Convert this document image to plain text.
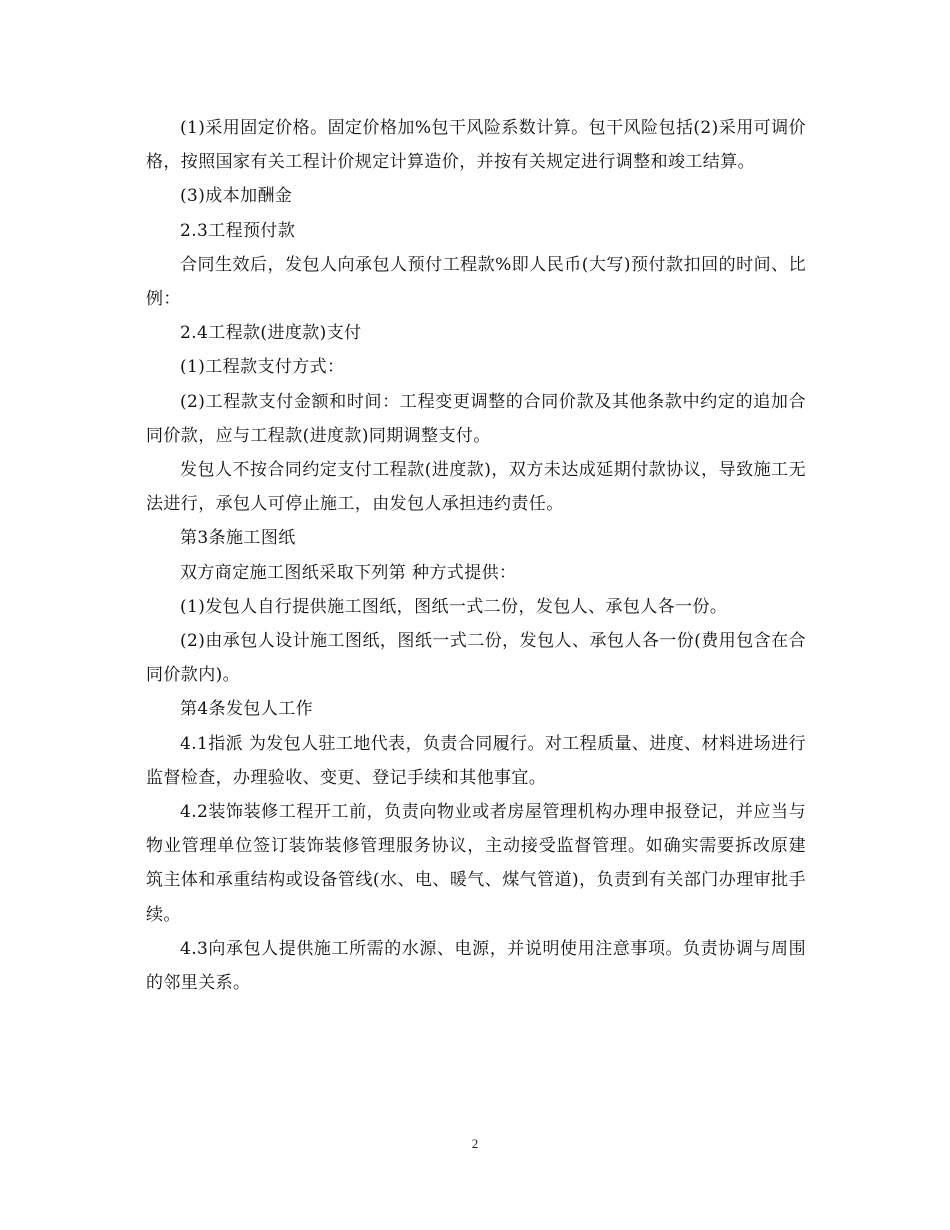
(1)采用固定价格。固定价格加%包干风险系数计算。包干风险包括(2)采用可调价格，按照国家有关工程计价规定计算造价，并按有关规定进行调整和竣工结算。

(3)成本加酬金

2.3工程预付款

合同生效后，发包人向承包人预付工程款%即人民币(大写)预付款扣回的时间、比例：

2.4工程款(进度款)支付

(1)工程款支付方式：

(2)工程款支付金额和时间：工程变更调整的合同价款及其他条款中约定的追加合同价款，应与工程款(进度款)同期调整支付。

发包人不按合同约定支付工程款(进度款)，双方未达成延期付款协议，导致施工无法进行，承包人可停止施工，由发包人承担违约责任。

第3条施工图纸

双方商定施工图纸采取下列第 种方式提供：

(1)发包人自行提供施工图纸，图纸一式二份，发包人、承包人各一份。

(2)由承包人设计施工图纸，图纸一式二份，发包人、承包人各一份(费用包含在合同价款内)。

第4条发包人工作

4.1指派 为发包人驻工地代表，负责合同履行。对工程质量、进度、材料进场进行监督检查，办理验收、变更、登记手续和其他事宜。

4.2装饰装修工程开工前，负责向物业或者房屋管理机构办理申报登记，并应当与物业管理单位签订装饰装修管理服务协议，主动接受监督管理。如确实需要拆改原建筑主体和承重结构或设备管线(水、电、暖气、煤气管道)，负责到有关部门办理审批手续。

4.3向承包人提供施工所需的水源、电源，并说明使用注意事项。负责协调与周围的邻里关系。

2
